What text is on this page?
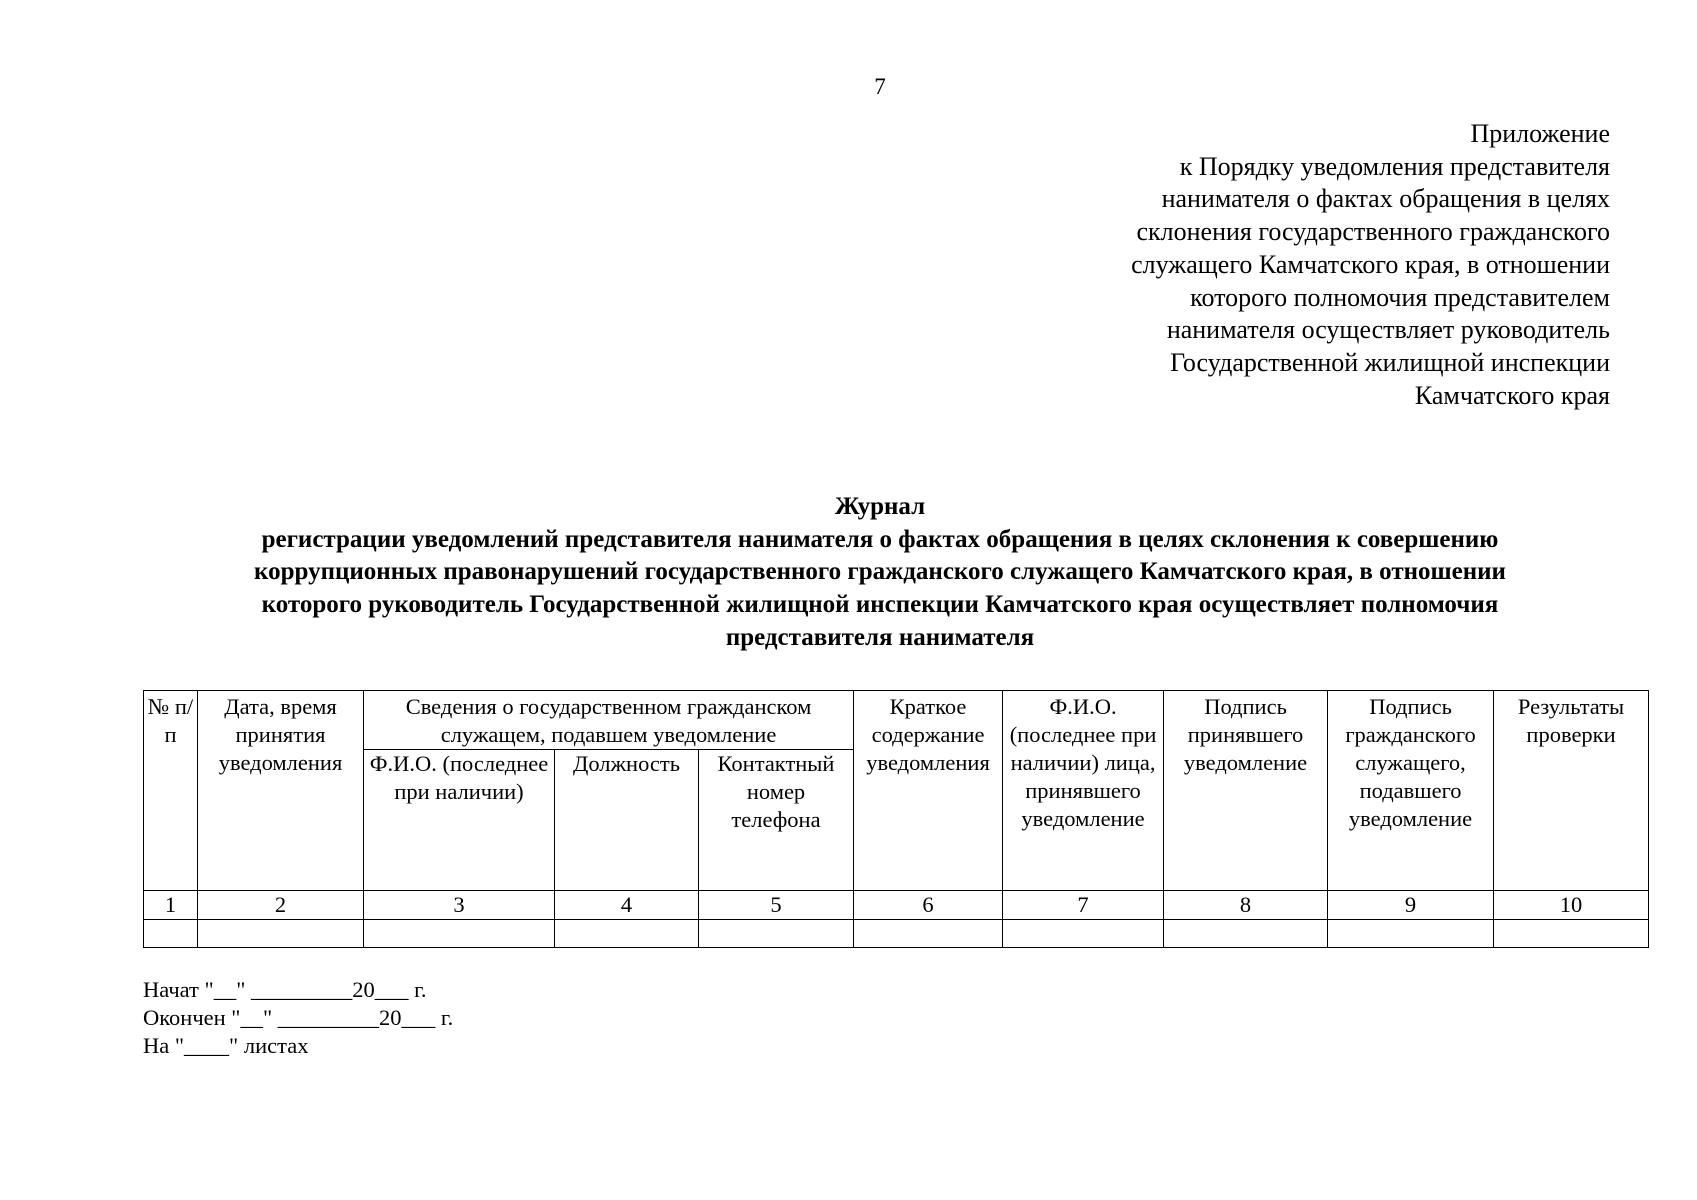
7
Приложение
к Порядку уведомления представителя
нанимателя о фактах обращения в целях
склонения государственного гражданского
служащего Камчатского края, в отношении
которого полномочия представителем
нанимателя осуществляет руководитель
Государственной жилищной инспекции
Камчатского края
Журнал
регистрации уведомлений представителя нанимателя о фактах обращения в целях склонения к совершению
коррупционных правонарушений государственного гражданского служащего Камчатского края, в отношении
которого руководитель Государственной жилищной инспекции Камчатского края осуществляет полномочия
представителя нанимателя
№ п/п	Дата, время принятия уведомления	Сведения о государственном гражданском служащем, подавшем уведомление			Краткое содержание уведомления	Ф.И.О. (последнее при наличии) лица, принявшего уведомление	Подпись принявшего уведомление	Подпись гражданского служащего, подавшего уведомление	Результаты проверки
		Ф.И.О. (последнее при наличии)	Должность	Контактный номер телефона					
1	2	3	4	5	6	7	8	9	10

Начат "__" _________20___ г.
Окончен "__" _________20___ г.
На "____" листах
